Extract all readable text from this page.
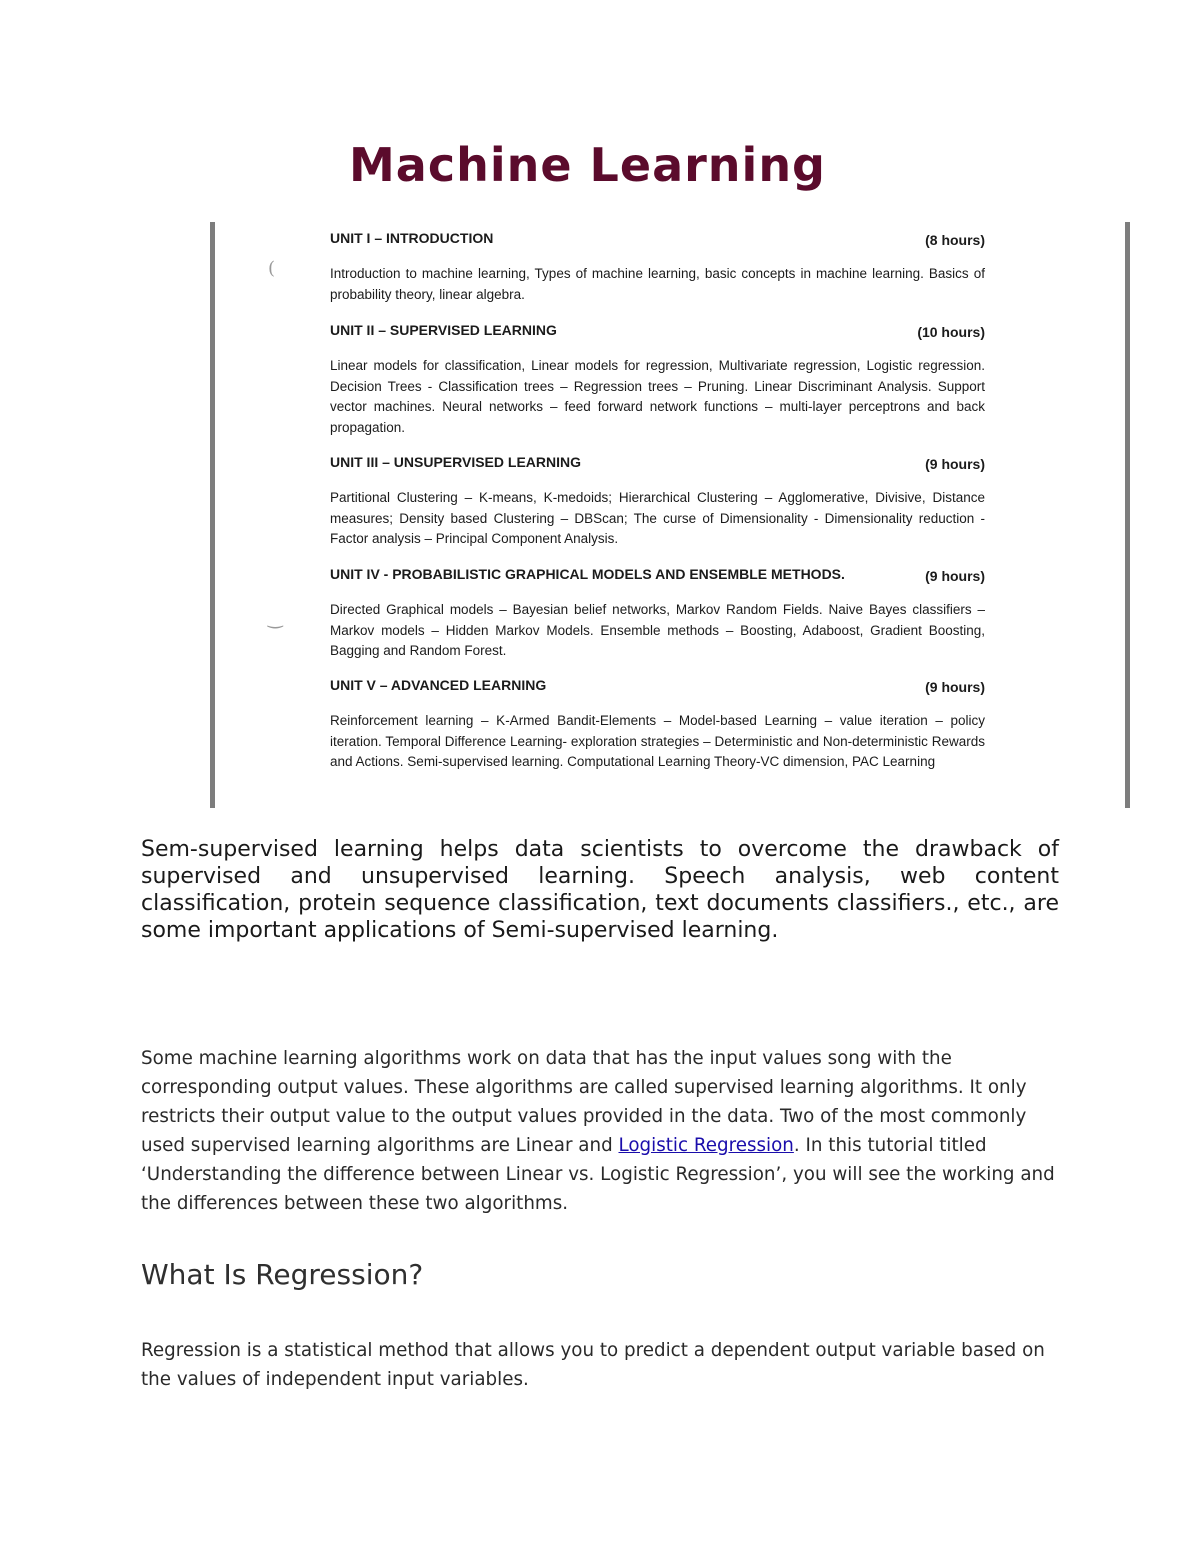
Machine Learning
(
‿
UNIT I – INTRODUCTION	(8 hours)
Introduction to machine learning, Types of machine learning, basic concepts in machine learning. Basics of probability theory, linear algebra.
UNIT II – SUPERVISED LEARNING	(10 hours)
Linear models for classification, Linear models for regression, Multivariate regression, Logistic regression. Decision Trees - Classification trees – Regression trees – Pruning. Linear Discriminant Analysis. Support vector machines. Neural networks – feed forward network functions – multi-layer perceptrons and back propagation.
UNIT III – UNSUPERVISED LEARNING	(9 hours)
Partitional Clustering – K-means, K-medoids; Hierarchical Clustering – Agglomerative, Divisive, Distance measures; Density based Clustering – DBScan; The curse of Dimensionality - Dimensionality reduction - Factor analysis – Principal Component Analysis.
UNIT IV - PROBABILISTIC GRAPHICAL MODELS AND ENSEMBLE METHODS.	(9 hours)
Directed Graphical models – Bayesian belief networks, Markov Random Fields. Naive Bayes classifiers – Markov models – Hidden Markov Models. Ensemble methods – Boosting, Adaboost, Gradient Boosting, Bagging and Random Forest.
UNIT V – ADVANCED LEARNING	(9 hours)
Reinforcement learning – K-Armed Bandit-Elements – Model-based Learning – value iteration – policy iteration. Temporal Difference Learning- exploration strategies – Deterministic and Non-deterministic Rewards and Actions. Semi-supervised learning. Computational Learning Theory-VC dimension, PAC Learning

Sem-supervised learning helps data scientists to overcome the drawback of supervised and unsupervised learning. Speech analysis, web content classification, protein sequence classification, text documents classifiers., etc., are some important applications of Semi-supervised learning.

Some machine learning algorithms work on data that has the input values song with the corresponding output values. These algorithms are called supervised learning algorithms. It only restricts their output value to the output values provided in the data. Two of the most commonly used supervised learning algorithms are Linear and Logistic Regression. In this tutorial titled ‘Understanding the difference between Linear vs. Logistic Regression’, you will see the working and the differences between these two algorithms.

What Is Regression?

Regression is a statistical method that allows you to predict a dependent output variable based on the values of independent input variables.
